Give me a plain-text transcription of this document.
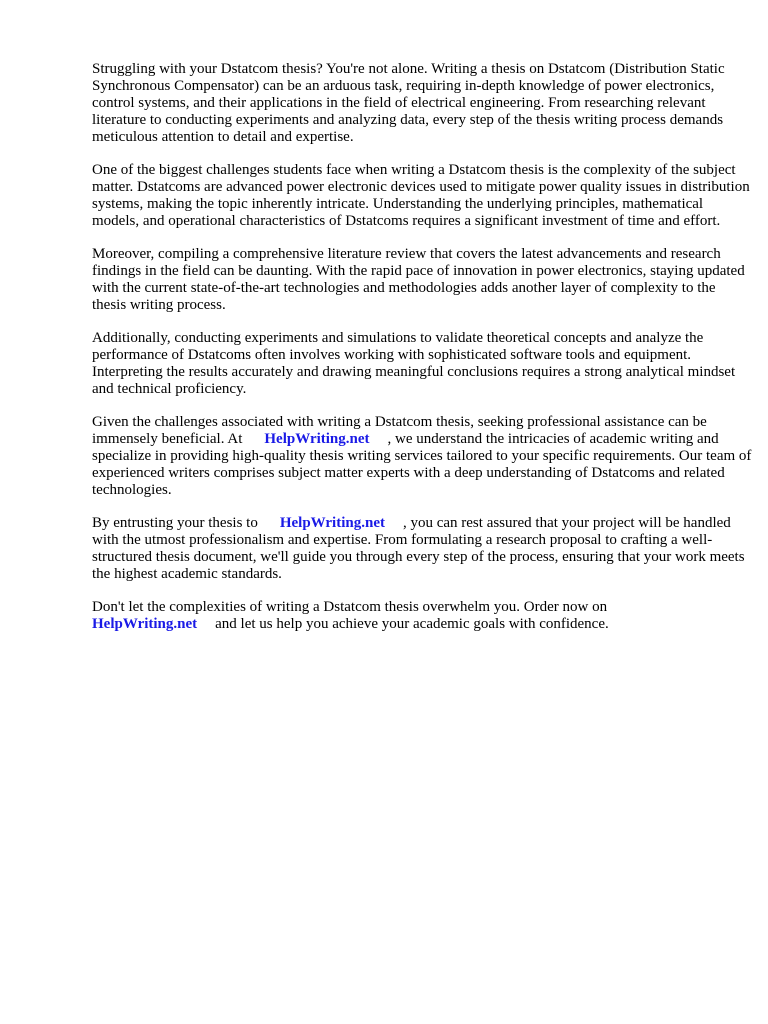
Struggling with your Dstatcom thesis? You're not alone. Writing a thesis on Dstatcom (Distribution Static Synchronous Compensator) can be an arduous task, requiring in-depth knowledge of power electronics, control systems, and their applications in the field of electrical engineering. From researching relevant literature to conducting experiments and analyzing data, every step of the thesis writing process demands meticulous attention to detail and expertise.

One of the biggest challenges students face when writing a Dstatcom thesis is the complexity of the subject matter. Dstatcoms are advanced power electronic devices used to mitigate power quality issues in distribution systems, making the topic inherently intricate. Understanding the underlying principles, mathematical models, and operational characteristics of Dstatcoms requires a significant investment of time and effort.

Moreover, compiling a comprehensive literature review that covers the latest advancements and research findings in the field can be daunting. With the rapid pace of innovation in power electronics, staying updated with the current state-of-the-art technologies and methodologies adds another layer of complexity to the thesis writing process.

Additionally, conducting experiments and simulations to validate theoretical concepts and analyze the performance of Dstatcoms often involves working with sophisticated software tools and equipment. Interpreting the results accurately and drawing meaningful conclusions requires a strong analytical mindset and technical proficiency.

Given the challenges associated with writing a Dstatcom thesis, seeking professional assistance can be immensely beneficial. At HelpWriting.net , we understand the intricacies of academic writing and specialize in providing high-quality thesis writing services tailored to your specific requirements. Our team of experienced writers comprises subject matter experts with a deep understanding of Dstatcoms and related technologies.

By entrusting your thesis to HelpWriting.net , you can rest assured that your project will be handled with the utmost professionalism and expertise. From formulating a research proposal to crafting a well-structured thesis document, we'll guide you through every step of the process, ensuring that your work meets the highest academic standards.

Don't let the complexities of writing a Dstatcom thesis overwhelm you. Order now on HelpWriting.net and let us help you achieve your academic goals with confidence.
